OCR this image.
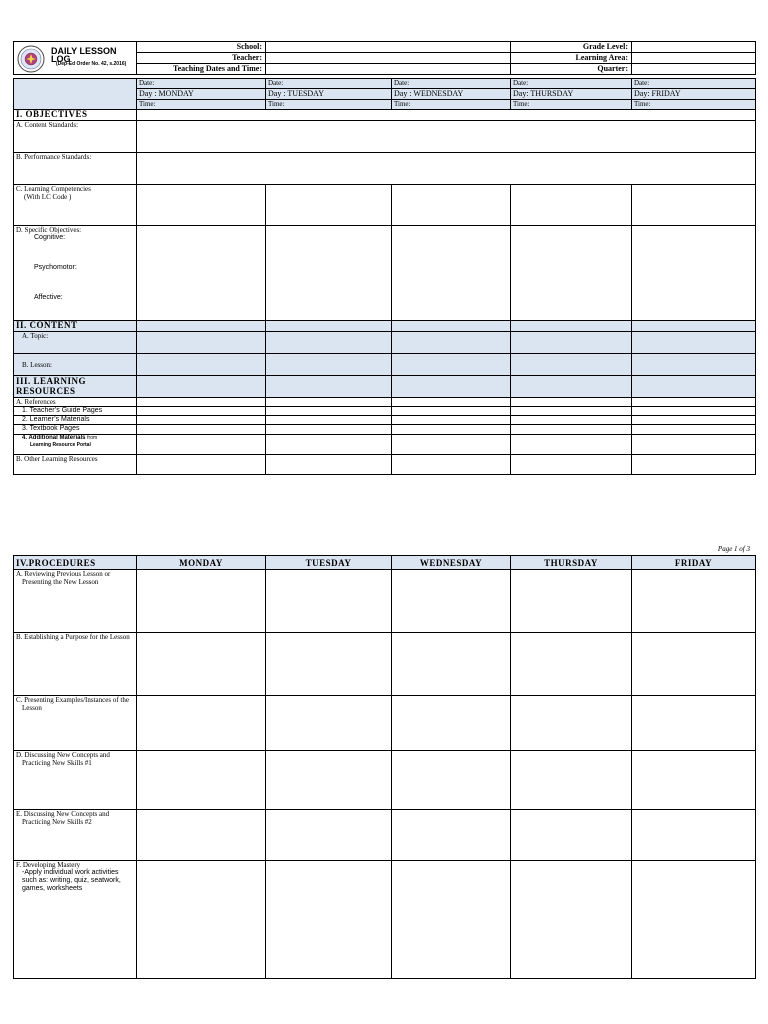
DAILY LESSON LOG
(Dep-Ed Order No. 42, s.2016)	School:		Grade Level:	
	Teacher:		Learning Area:	
	Teaching Dates and Time:		Quarter:	
	Date:	Date:	Date:	Date:	Date:
	Day : MONDAY	Day : TUESDAY	Day : WEDNESDAY	Day: THURSDAY	Day: FRIDAY
	Time:	Time:	Time:	Time:	Time:
I. OBJECTIVES					
A. Content Standards:					
B. Performance Standards:					

C. Learning Competencies
(With LC Code )					

D. Specific Objectives:
Cognitive:
Psychomotor:
Affective:					

II. CONTENT					
A. Topic:					
B. Lesson:					
III. LEARNING RESOURCES					
A. References					
1. Teacher’s Guide Pages					
2. Learner’s Materials					
3. Textbook Pages					
4. Additional Materials from
Learning Resource Portal					

B. Other Learning Resources					
Page 1 of 3
IV.PROCEDURES	MONDAY	TUESDAY	WEDNESDAY	THURSDAY	FRIDAY
A. Reviewing Previous Lesson or Presenting the New Lesson					
B. Establishing a Purpose for the Lesson					
C. Presenting Examples/Instances of the Lesson					
D. Discussing New Concepts and Practicing New Skills #1					
E. Discussing New Concepts and Practicing New Skills #2					

F. Developing Mastery
-Apply individual work activities such as: writing, quiz, seatwork, games, worksheets					
